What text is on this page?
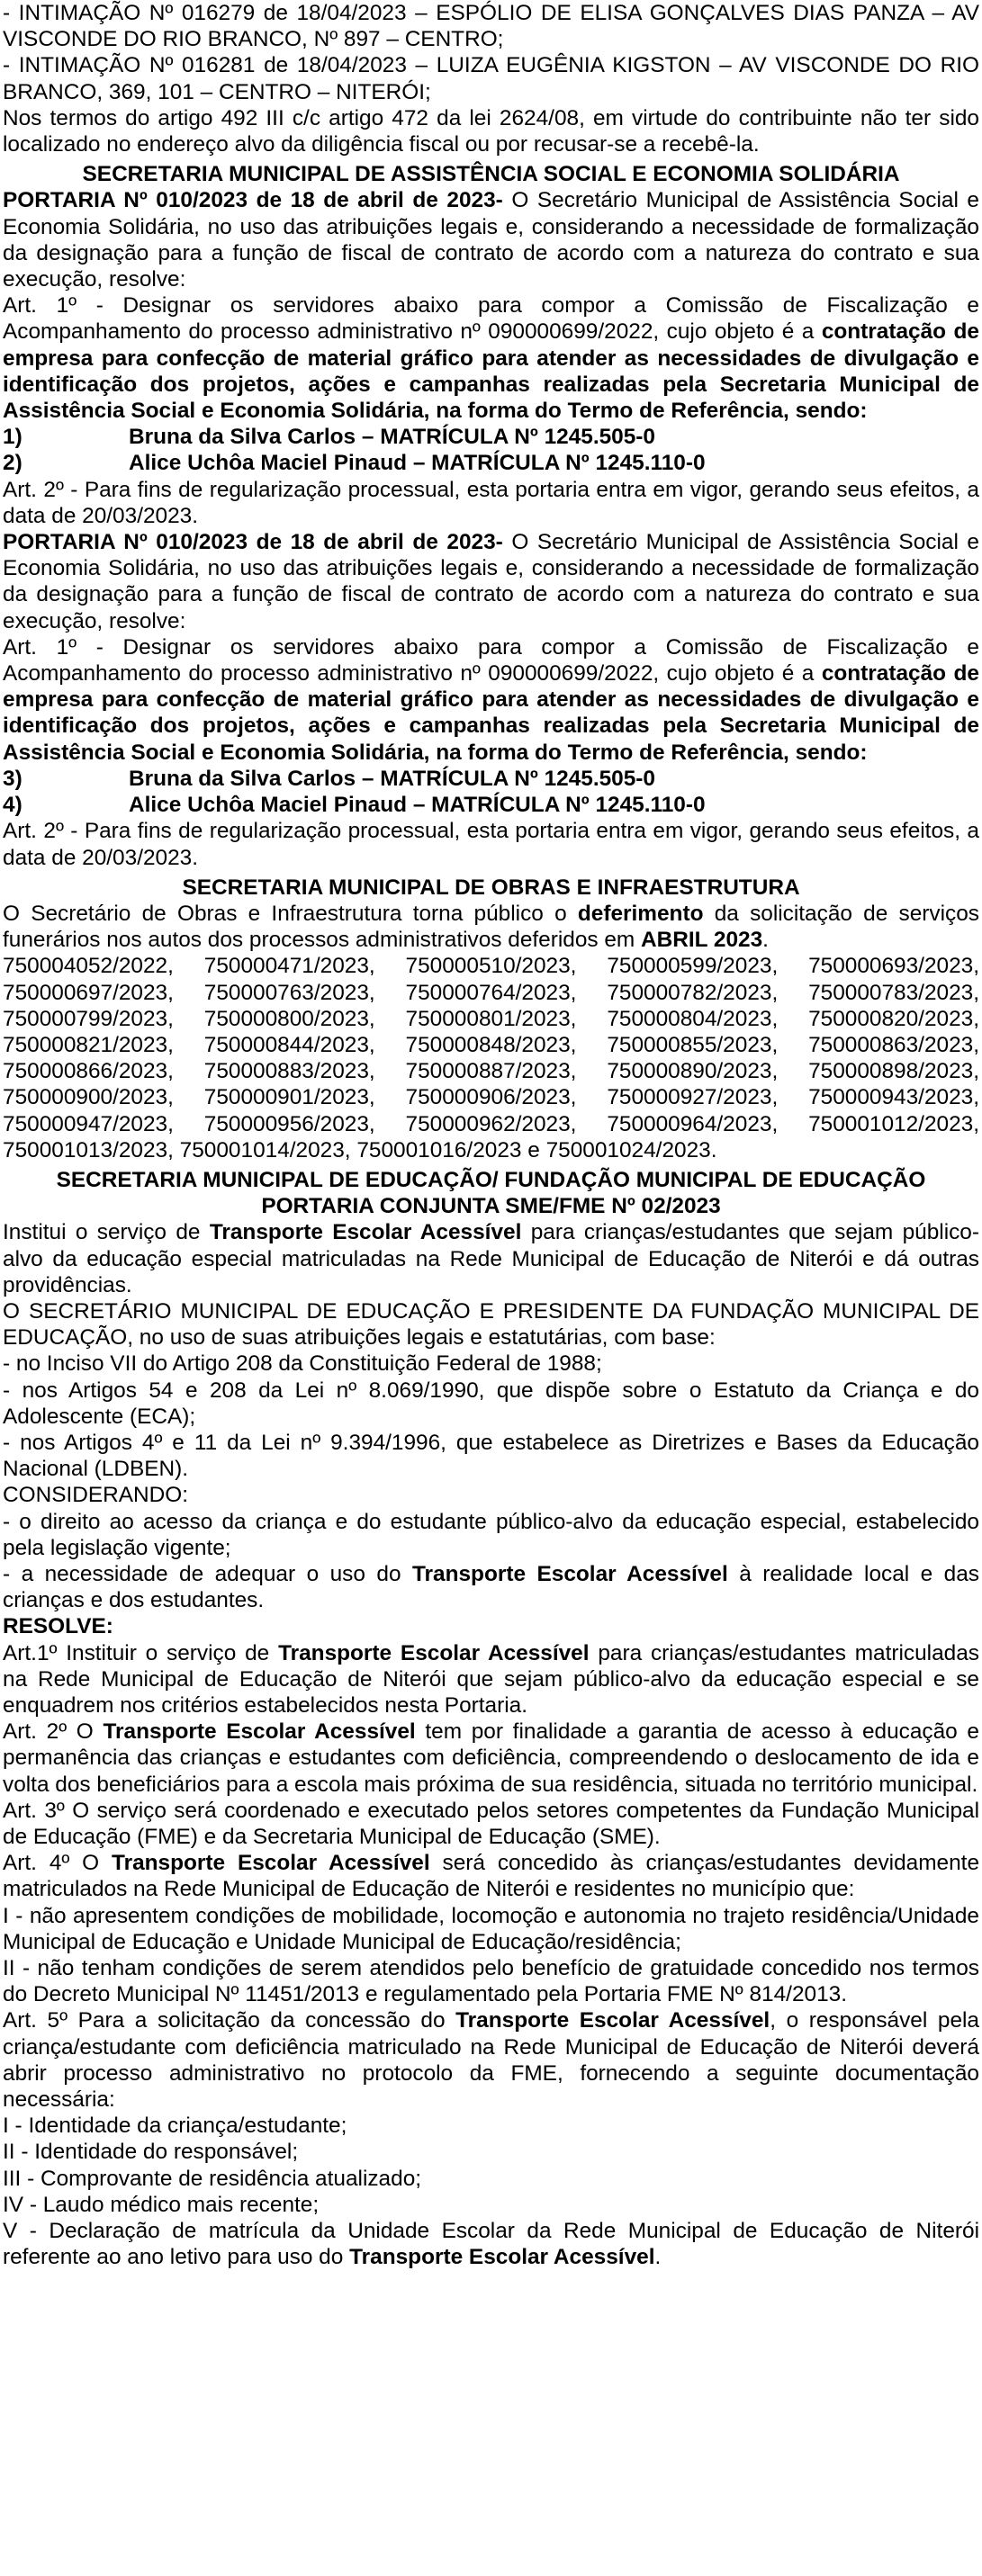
- INTIMAÇÃO Nº 016279 de 18/04/2023 – ESPÓLIO DE ELISA GONÇALVES DIAS PANZA – AV VISCONDE DO RIO BRANCO, Nº 897 – CENTRO;

- INTIMAÇÃO Nº 016281 de 18/04/2023 – LUIZA EUGÊNIA KIGSTON – AV VISCONDE DO RIO BRANCO, 369, 101 – CENTRO – NITERÓI;

Nos termos do artigo 492 III c/c artigo 472 da lei 2624/08, em virtude do contribuinte não ter sido localizado no endereço alvo da diligência fiscal ou por recusar-se a recebê-la.

SECRETARIA MUNICIPAL DE ASSISTÊNCIA SOCIAL E ECONOMIA SOLIDÁRIA

PORTARIA Nº 010/2023 de 18 de abril de 2023- O Secretário Municipal de Assistência Social e Economia Solidária, no uso das atribuições legais e, considerando a necessidade de formalização da designação para a função de fiscal de contrato de acordo com a natureza do contrato e sua execução, resolve:

Art. 1º - Designar os servidores abaixo para compor a Comissão de Fiscalização e Acompanhamento do processo administrativo nº 090000699/2022, cujo objeto é a contratação de empresa para confecção de material gráfico para atender as necessidades de divulgação e identificação dos projetos, ações e campanhas realizadas pela Secretaria Municipal de Assistência Social e Economia Solidária, na forma do Termo de Referência, sendo:

1)	Bruna da Silva Carlos – MATRÍCULA Nº 1245.505-0
2)	Alice Uchôa Maciel Pinaud – MATRÍCULA Nº 1245.110-0

Art. 2º - Para fins de regularização processual, esta portaria entra em vigor, gerando seus efeitos, a data de 20/03/2023.

PORTARIA Nº 010/2023 de 18 de abril de 2023- O Secretário Municipal de Assistência Social e Economia Solidária, no uso das atribuições legais e, considerando a necessidade de formalização da designação para a função de fiscal de contrato de acordo com a natureza do contrato e sua execução, resolve:

Art. 1º - Designar os servidores abaixo para compor a Comissão de Fiscalização e Acompanhamento do processo administrativo nº 090000699/2022, cujo objeto é a contratação de empresa para confecção de material gráfico para atender as necessidades de divulgação e identificação dos projetos, ações e campanhas realizadas pela Secretaria Municipal de Assistência Social e Economia Solidária, na forma do Termo de Referência, sendo:

3)	Bruna da Silva Carlos – MATRÍCULA Nº 1245.505-0
4)	Alice Uchôa Maciel Pinaud – MATRÍCULA Nº 1245.110-0

Art. 2º - Para fins de regularização processual, esta portaria entra em vigor, gerando seus efeitos, a data de 20/03/2023.

SECRETARIA MUNICIPAL DE OBRAS E INFRAESTRUTURA

O Secretário de Obras e Infraestrutura torna público o deferimento da solicitação de serviços funerários nos autos dos processos administrativos deferidos em ABRIL 2023.

750004052/2022, 750000471/2023, 750000510/2023, 750000599/2023, 750000693/2023, 750000697/2023, 750000763/2023, 750000764/2023, 750000782/2023, 750000783/2023, 750000799/2023, 750000800/2023, 750000801/2023, 750000804/2023, 750000820/2023, 750000821/2023, 750000844/2023, 750000848/2023, 750000855/2023, 750000863/2023, 750000866/2023, 750000883/2023, 750000887/2023, 750000890/2023, 750000898/2023, 750000900/2023, 750000901/2023, 750000906/2023, 750000927/2023, 750000943/2023, 750000947/2023, 750000956/2023, 750000962/2023, 750000964/2023, 750001012/2023, 750001013/2023, 750001014/2023, 750001016/2023 e 750001024/2023.

SECRETARIA MUNICIPAL DE EDUCAÇÃO/ FUNDAÇÃO MUNICIPAL DE EDUCAÇÃO

PORTARIA CONJUNTA SME/FME Nº 02/2023

Institui o serviço de Transporte Escolar Acessível para crianças/estudantes que sejam público-alvo da educação especial matriculadas na Rede Municipal de Educação de Niterói e dá outras providências.

O SECRETÁRIO MUNICIPAL DE EDUCAÇÃO E PRESIDENTE DA FUNDAÇÃO MUNICIPAL DE EDUCAÇÃO, no uso de suas atribuições legais e estatutárias, com base:

- no Inciso VII do Artigo 208 da Constituição Federal de 1988;

- nos Artigos 54 e 208 da Lei nº 8.069/1990, que dispõe sobre o Estatuto da Criança e do Adolescente (ECA);

- nos Artigos 4º e 11 da Lei nº 9.394/1996, que estabelece as Diretrizes e Bases da Educação Nacional (LDBEN).

CONSIDERANDO:

- o direito ao acesso da criança e do estudante público-alvo da educação especial, estabelecido pela legislação vigente;

- a necessidade de adequar o uso do Transporte Escolar Acessível à realidade local e das crianças e dos estudantes.

RESOLVE:

Art.1º Instituir o serviço de Transporte Escolar Acessível para crianças/estudantes matriculadas na Rede Municipal de Educação de Niterói que sejam público-alvo da educação especial e se enquadrem nos critérios estabelecidos nesta Portaria.

Art. 2º O Transporte Escolar Acessível tem por finalidade a garantia de acesso à educação e permanência das crianças e estudantes com deficiência, compreendendo o deslocamento de ida e volta dos beneficiários para a escola mais próxima de sua residência, situada no território municipal.

Art. 3º O serviço será coordenado e executado pelos setores competentes da Fundação Municipal de Educação (FME) e da Secretaria Municipal de Educação (SME).

Art. 4º O Transporte Escolar Acessível será concedido às crianças/estudantes devidamente matriculados na Rede Municipal de Educação de Niterói e residentes no município que:

I - não apresentem condições de mobilidade, locomoção e autonomia no trajeto residência/Unidade Municipal de Educação e Unidade Municipal de Educação/residência;

II - não tenham condições de serem atendidos pelo benefício de gratuidade concedido nos termos do Decreto Municipal Nº 11451/2013 e regulamentado pela Portaria FME Nº 814/2013.

Art. 5º Para a solicitação da concessão do Transporte Escolar Acessível, o responsável pela criança/estudante com deficiência matriculado na Rede Municipal de Educação de Niterói deverá abrir processo administrativo no protocolo da FME, fornecendo a seguinte documentação necessária:

I - Identidade da criança/estudante;

II - Identidade do responsável;

III - Comprovante de residência atualizado;

IV - Laudo médico mais recente;

V - Declaração de matrícula da Unidade Escolar da Rede Municipal de Educação de Niterói referente ao ano letivo para uso do Transporte Escolar Acessível.
